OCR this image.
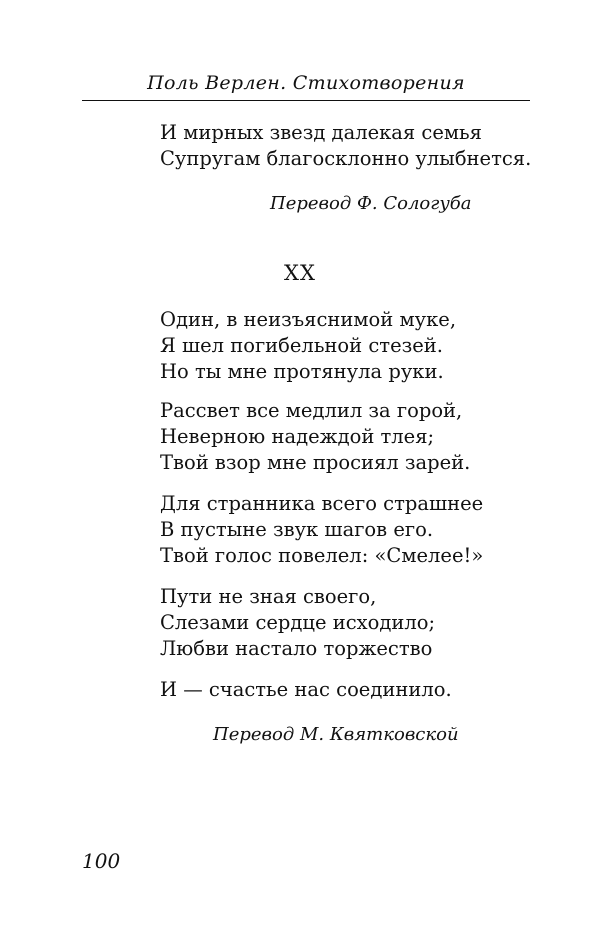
Поль Верлен. Стихотворения
И мирных звезд далекая семья
Супругам благосклонно улыбнется.
Перевод Ф. Сологуба
XX
Один, в неизъяснимой муке,
Я шел погибельной стезей.
Но ты мне протянула руки.
Рассвет все медлил за горой,
Неверною надеждой тлея;
Твой взор мне просиял зарей.
Для странника всего страшнее
В пустыне звук шагов его.
Твой голос повелел: «Смелее!»
Пути не зная своего,
Слезами сердце исходило;
Любви настало торжество
И — счастье нас соединило.
Перевод М. Квятковской
100
